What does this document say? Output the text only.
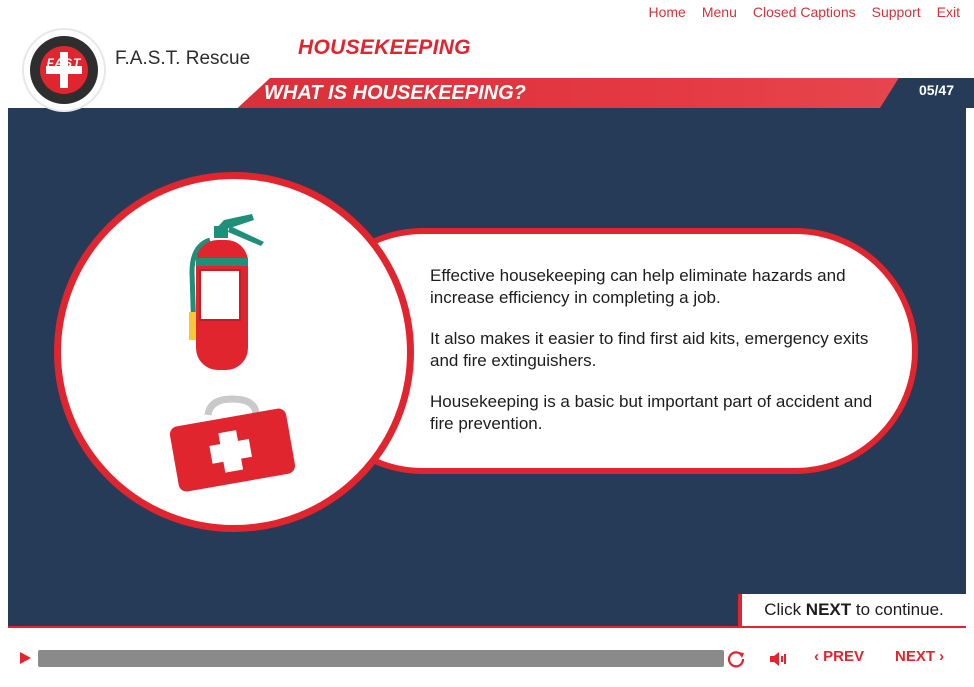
Home Menu Closed Captions Support Exit
FAST	F.A.S.T. Rescue HOUSEKEEPING
WHAT IS HOUSEKEEPING?	05/47

Effective housekeeping can help eliminate hazards and increase efficiency in completing a job.

It also makes it easier to find first aid kits, emergency exits and fire extinguishers.

Housekeeping is a basic but important part of accident and fire prevention.

Click NEXT to continue.
‹ PREV NEXT ›
